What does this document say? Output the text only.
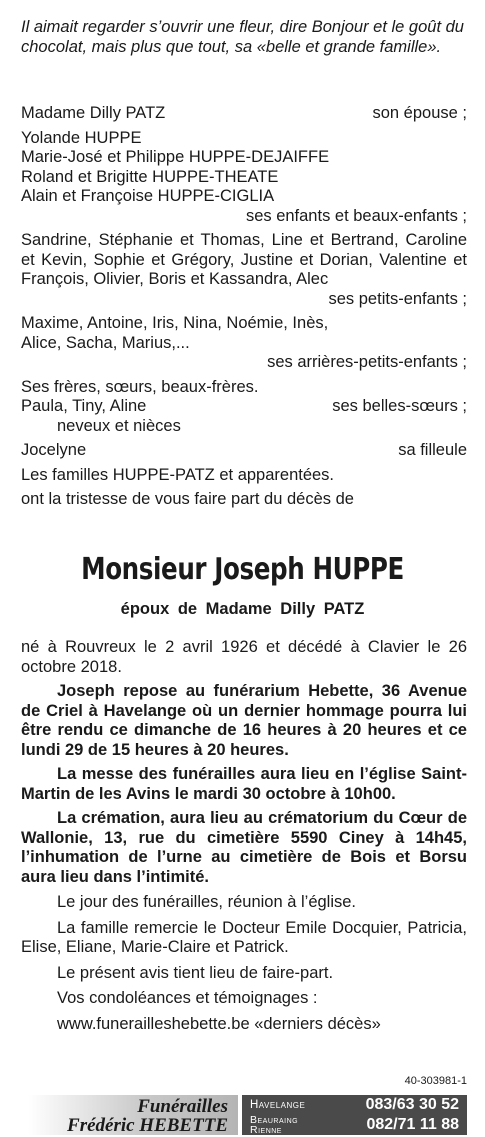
Il aimait regarder s’ouvrir une fleur, dire Bonjour et le goût du chocolat, mais plus que tout, sa «belle et grande famille».

Madame Dilly PATZ	son épouse ;
Yolande HUPPE
Marie-José et Philippe HUPPE-DEJAIFFE
Roland et Brigitte HUPPE-THEATE
Alain et Françoise HUPPE-CIGLIA
ses enfants et beaux-enfants ;
Sandrine, Stéphanie et Thomas, Line et Bertrand, Caroline et Kevin, Sophie et Grégory, Justine et Dorian, Valentine et François, Olivier, Boris et Kassandra, Alec
ses petits-enfants ;
Maxime, Antoine, Iris, Nina, Noémie, Inès,
Alice, Sacha, Marius,...
ses arrières-petits-enfants ;
Ses frères, sœurs, beaux-frères.
Paula, Tiny, Aline	ses belles-sœurs ;
neveux et nièces
Jocelyne	sa filleule
Les familles HUPPE-PATZ et apparentées.
ont la tristesse de vous faire part du décès de
Monsieur Joseph HUPPE

époux de Madame Dilly PATZ

né à Rouvreux le 2 avril 1926 et décédé à Clavier le 26 octobre 2018.

Joseph repose au funérarium Hebette, 36 Avenue de Criel à Havelange où un dernier hommage pourra lui être rendu ce dimanche de 16 heures à 20 heures et ce lundi 29 de 15 heures à 20 heures.

La messe des funérailles aura lieu en l’église Saint-Martin de les Avins le mardi 30 octobre à 10h00.

La crémation, aura lieu au crématorium du Cœur de Wallonie, 13, rue du cimetière 5590 Ciney à 14h45, l’inhumation de l’urne au cimetière de Bois et Borsu aura lieu dans l’intimité.

Le jour des funérailles, réunion à l’église.

La famille remercie le Docteur Emile Docquier, Patricia, Elise, Eliane, Marie-Claire et Patrick.

Le présent avis tient lieu de faire-part.

Vos condoléances et témoignages :

www.funerailleshebette.be «derniers décès»

40-303981-1
Funérailles
Frédéric HEBETTE
Havelange	083/63 30 52
Beauraing
Rienne	082/71 11 88
